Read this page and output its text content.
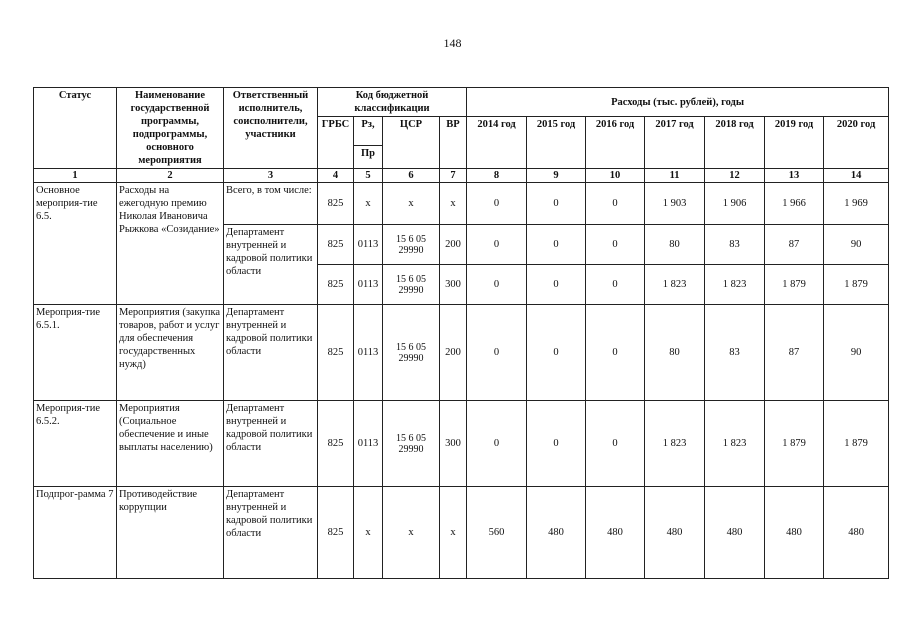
148
Статус	Наименование государственной программы, подпрограммы, основного мероприятия	Ответственный исполнитель, соисполнители, участники	Код бюджетной классификации				Расходы (тыс. рублей), годы						
			ГРБС	Рз,	ЦСР	ВР	2014 год	2015 год	2016 год	2017 год	2018 год	2019 год	2020 год
				Пр									
1	2	3	4	5	6	7	8	9	10	11	12	13	14
Основное мероприя-тие 6.5.	Расходы на ежегодную премию Николая Ивановича Рыжкова «Созидание»	Всего, в том числе:	825	х	х	х	0	0	0	1 903	1 906	1 966	1 969
		Департамент внутренней и кадровой политики области	825	0113	15 6 05 29990	200	0	0	0	80	83	87	90
			825	0113	15 6 05 29990	300	0	0	0	1 823	1 823	1 879	1 879
Мероприя-тие 6.5.1.	Мероприятия (закупка товаров, работ и услуг для обеспечения государственных нужд)	Департамент внутренней и кадровой политики области	825	0113	15 6 05 29990	200	0	0	0	80	83	87	90
Мероприя-тие 6.5.2.	Мероприятия (Социальное обеспечение и иные выплаты населению)	Департамент внутренней и кадровой политики области	825	0113	15 6 05 29990	300	0	0	0	1 823	1 823	1 879	1 879
Подпрог-рамма 7	Противодействие коррупции	Департамент внутренней и кадровой политики области	825	х	х	х	560	480	480	480	480	480	480
